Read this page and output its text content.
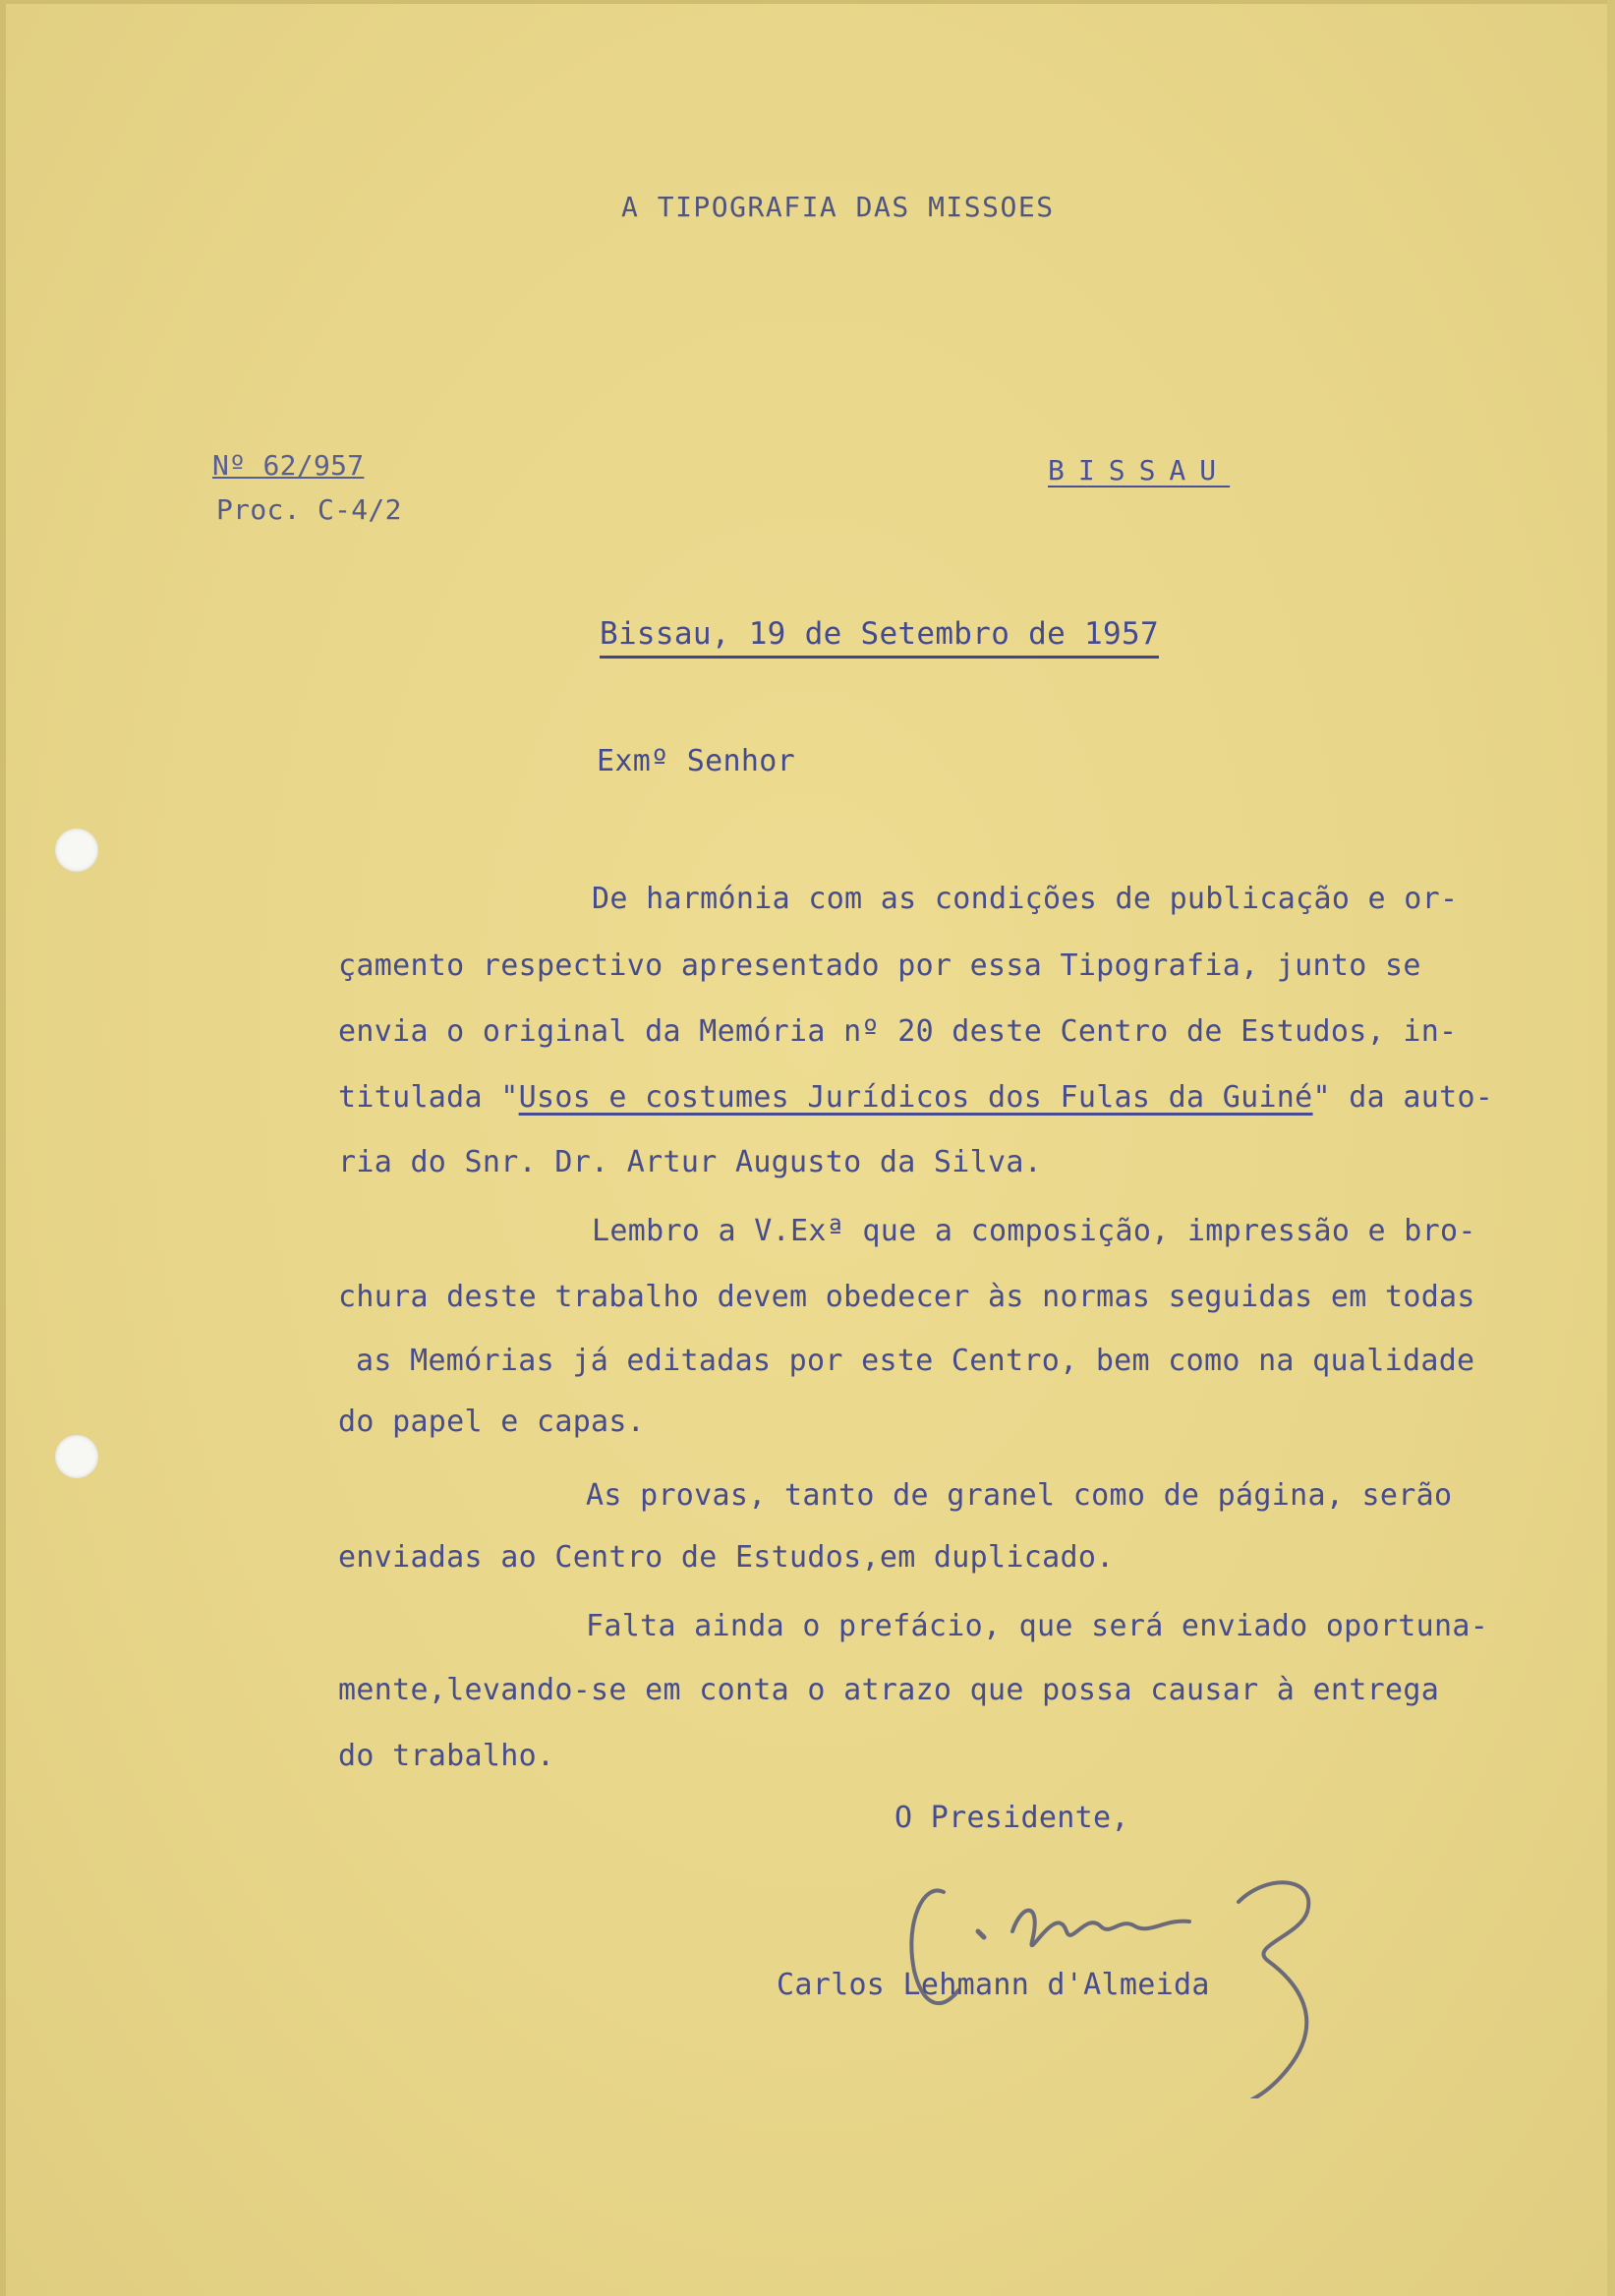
A TIPOGRAFIA DAS MISSOES
Nº 62/957
Proc. C-4/2
BISSAU
Bissau, 19 de Setembro de 1957
Exmº Senhor
De harmónia com as condições de publicação e or-
çamento respectivo apresentado por essa Tipografia, junto se
envia o original da Memória nº 20 deste Centro de Estudos, in-
titulada "Usos e costumes Jurídicos dos Fulas da Guiné" da auto-
ria do Snr. Dr. Artur Augusto da Silva.
Lembro a V.Exª que a composição, impressão e bro-
chura deste trabalho devem obedecer às normas seguidas em todas
as Memórias já editadas por este Centro, bem como na qualidade
do papel e capas.
As provas, tanto de granel como de página, serão
enviadas ao Centro de Estudos,em duplicado.
Falta ainda o prefácio, que será enviado oportuna-
mente,levando-se em conta o atrazo que possa causar à entrega
do trabalho.
O Presidente,
Carlos Lehmann d'Almeida
